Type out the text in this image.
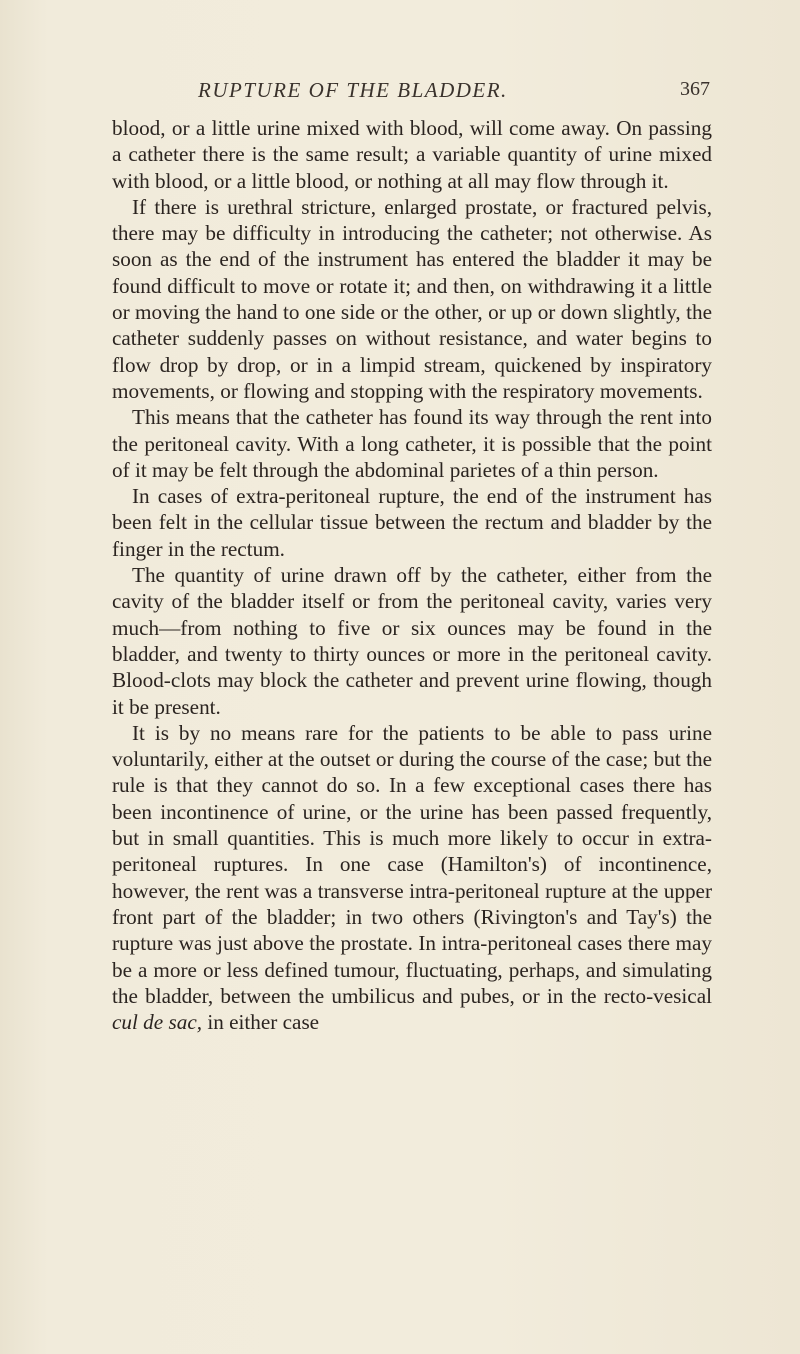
RUPTURE OF THE BLADDER.	367

blood, or a little urine mixed with blood, will come away. On passing a catheter there is the same result; a variable quantity of urine mixed with blood, or a little blood, or nothing at all may flow through it.

If there is urethral stricture, enlarged prostate, or fractured pelvis, there may be difficulty in introducing the catheter; not otherwise. As soon as the end of the instrument has entered the bladder it may be found difficult to move or rotate it; and then, on withdrawing it a little or moving the hand to one side or the other, or up or down slightly, the catheter suddenly passes on without resistance, and water begins to flow drop by drop, or in a limpid stream, quickened by inspiratory movements, or flowing and stopping with the respiratory movements.

This means that the catheter has found its way through the rent into the peritoneal cavity. With a long catheter, it is possible that the point of it may be felt through the abdominal parietes of a thin person.

In cases of extra-peritoneal rupture, the end of the instrument has been felt in the cellular tissue between the rectum and bladder by the finger in the rectum.

The quantity of urine drawn off by the catheter, either from the cavity of the bladder itself or from the peritoneal cavity, varies very much—from nothing to five or six ounces may be found in the bladder, and twenty to thirty ounces or more in the peritoneal cavity. Blood-clots may block the catheter and prevent urine flowing, though it be present.

It is by no means rare for the patients to be able to pass urine voluntarily, either at the outset or during the course of the case; but the rule is that they cannot do so. In a few exceptional cases there has been incontinence of urine, or the urine has been passed frequently, but in small quantities. This is much more likely to occur in extra-peritoneal ruptures. In one case (Hamilton's) of incontinence, however, the rent was a transverse intra-peritoneal rupture at the upper front part of the bladder; in two others (Rivington's and Tay's) the rupture was just above the prostate. In intra-peritoneal cases there may be a more or less defined tumour, fluctuating, perhaps, and simulating the bladder, between the umbilicus and pubes, or in the recto-vesical cul de sac, in either case
